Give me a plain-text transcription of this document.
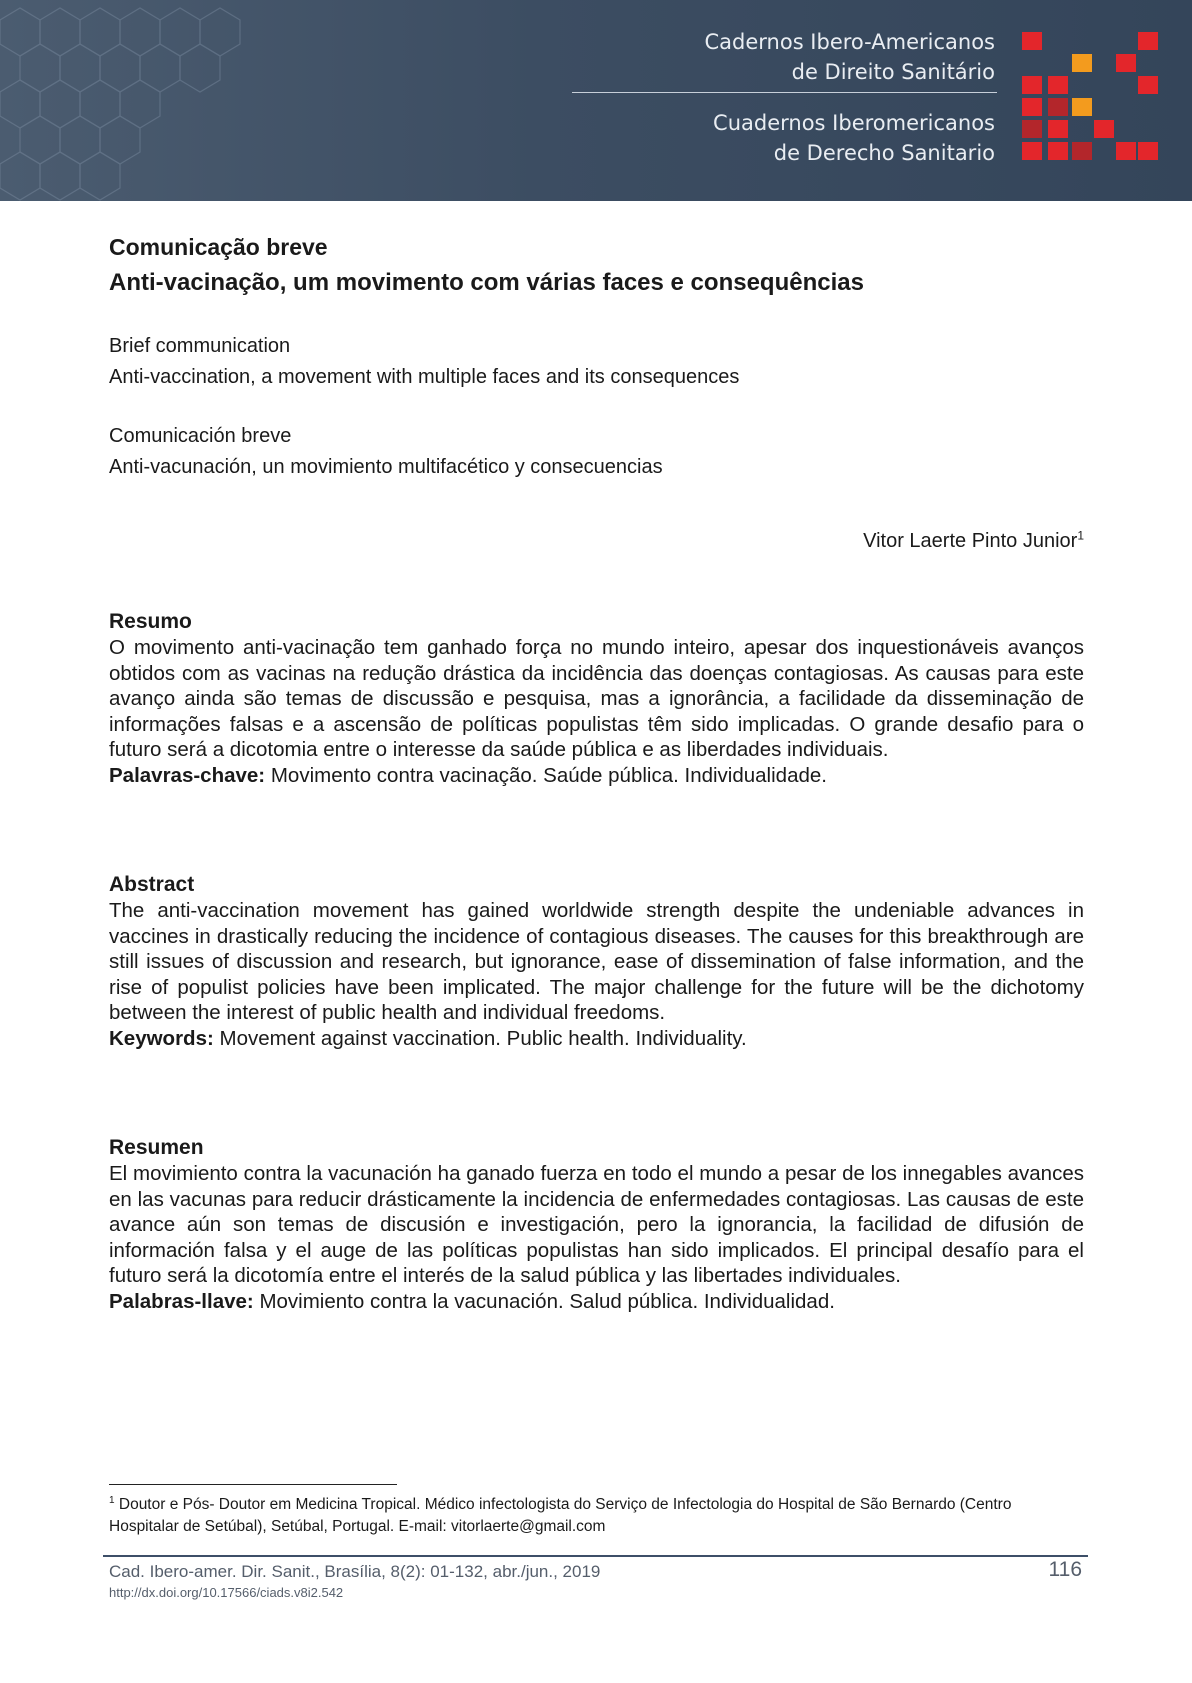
Cadernos Ibero-Americanos
de Direito Sanitário
Cuadernos Iberomericanos
de Derecho Sanitario
Comunicação breve
Anti-vacinação, um movimento com várias faces e consequências

Brief communication

Anti-vaccination, a movement with multiple faces and its consequences

Comunicación breve

Anti-vacunación, un movimiento multifacético y consecuencias

Vitor Laerte Pinto Junior$^1$

Resumo

O movimento anti-vacinação tem ganhado força no mundo inteiro, apesar dos inquestionáveis avanços obtidos com as vacinas na redução drástica da incidência das doenças contagiosas. As causas para este avanço ainda são temas de discussão e pesquisa, mas a ignorância, a facilidade da disseminação de informações falsas e a ascensão de políticas populistas têm sido implicadas. O grande desafio para o futuro será a dicotomia entre o interesse da saúde pública e as liberdades individuais.

Palavras-chave: Movimento contra vacinação. Saúde pública. Individualidade.

Abstract

The anti-vaccination movement has gained worldwide strength despite the undeniable advances in vaccines in drastically reducing the incidence of contagious diseases. The causes for this breakthrough are still issues of discussion and research, but ignorance, ease of dissemination of false information, and the rise of populist policies have been implicated. The major challenge for the future will be the dichotomy between the interest of public health and individual freedoms.

Keywords: Movement against vaccination. Public health. Individuality.

Resumen

El movimiento contra la vacunación ha ganado fuerza en todo el mundo a pesar de los innegables avances en las vacunas para reducir drásticamente la incidencia de enfermedades contagiosas. Las causas de este avance aún son temas de discusión e investigación, pero la ignorancia, la facilidad de difusión de información falsa y el auge de las políticas populistas han sido implicados. El principal desafío para el futuro será la dicotomía entre el interés de la salud pública y las libertades individuales.

Palabras-llave: Movimiento contra la vacunación. Salud pública. Individualidad.

$^1$ Doutor e Pós- Doutor em Medicina Tropical. Médico infectologista do Serviço de Infectologia do Hospital de São Bernardo (Centro Hospitalar de Setúbal), Setúbal, Portugal. E-mail: vitorlaerte@gmail.com

Cad. Ibero-amer. Dir. Sanit., Brasília, 8(2): 01-132, abr./jun., 2019

http://dx.doi.org/10.17566/ciads.v8i2.542

116
